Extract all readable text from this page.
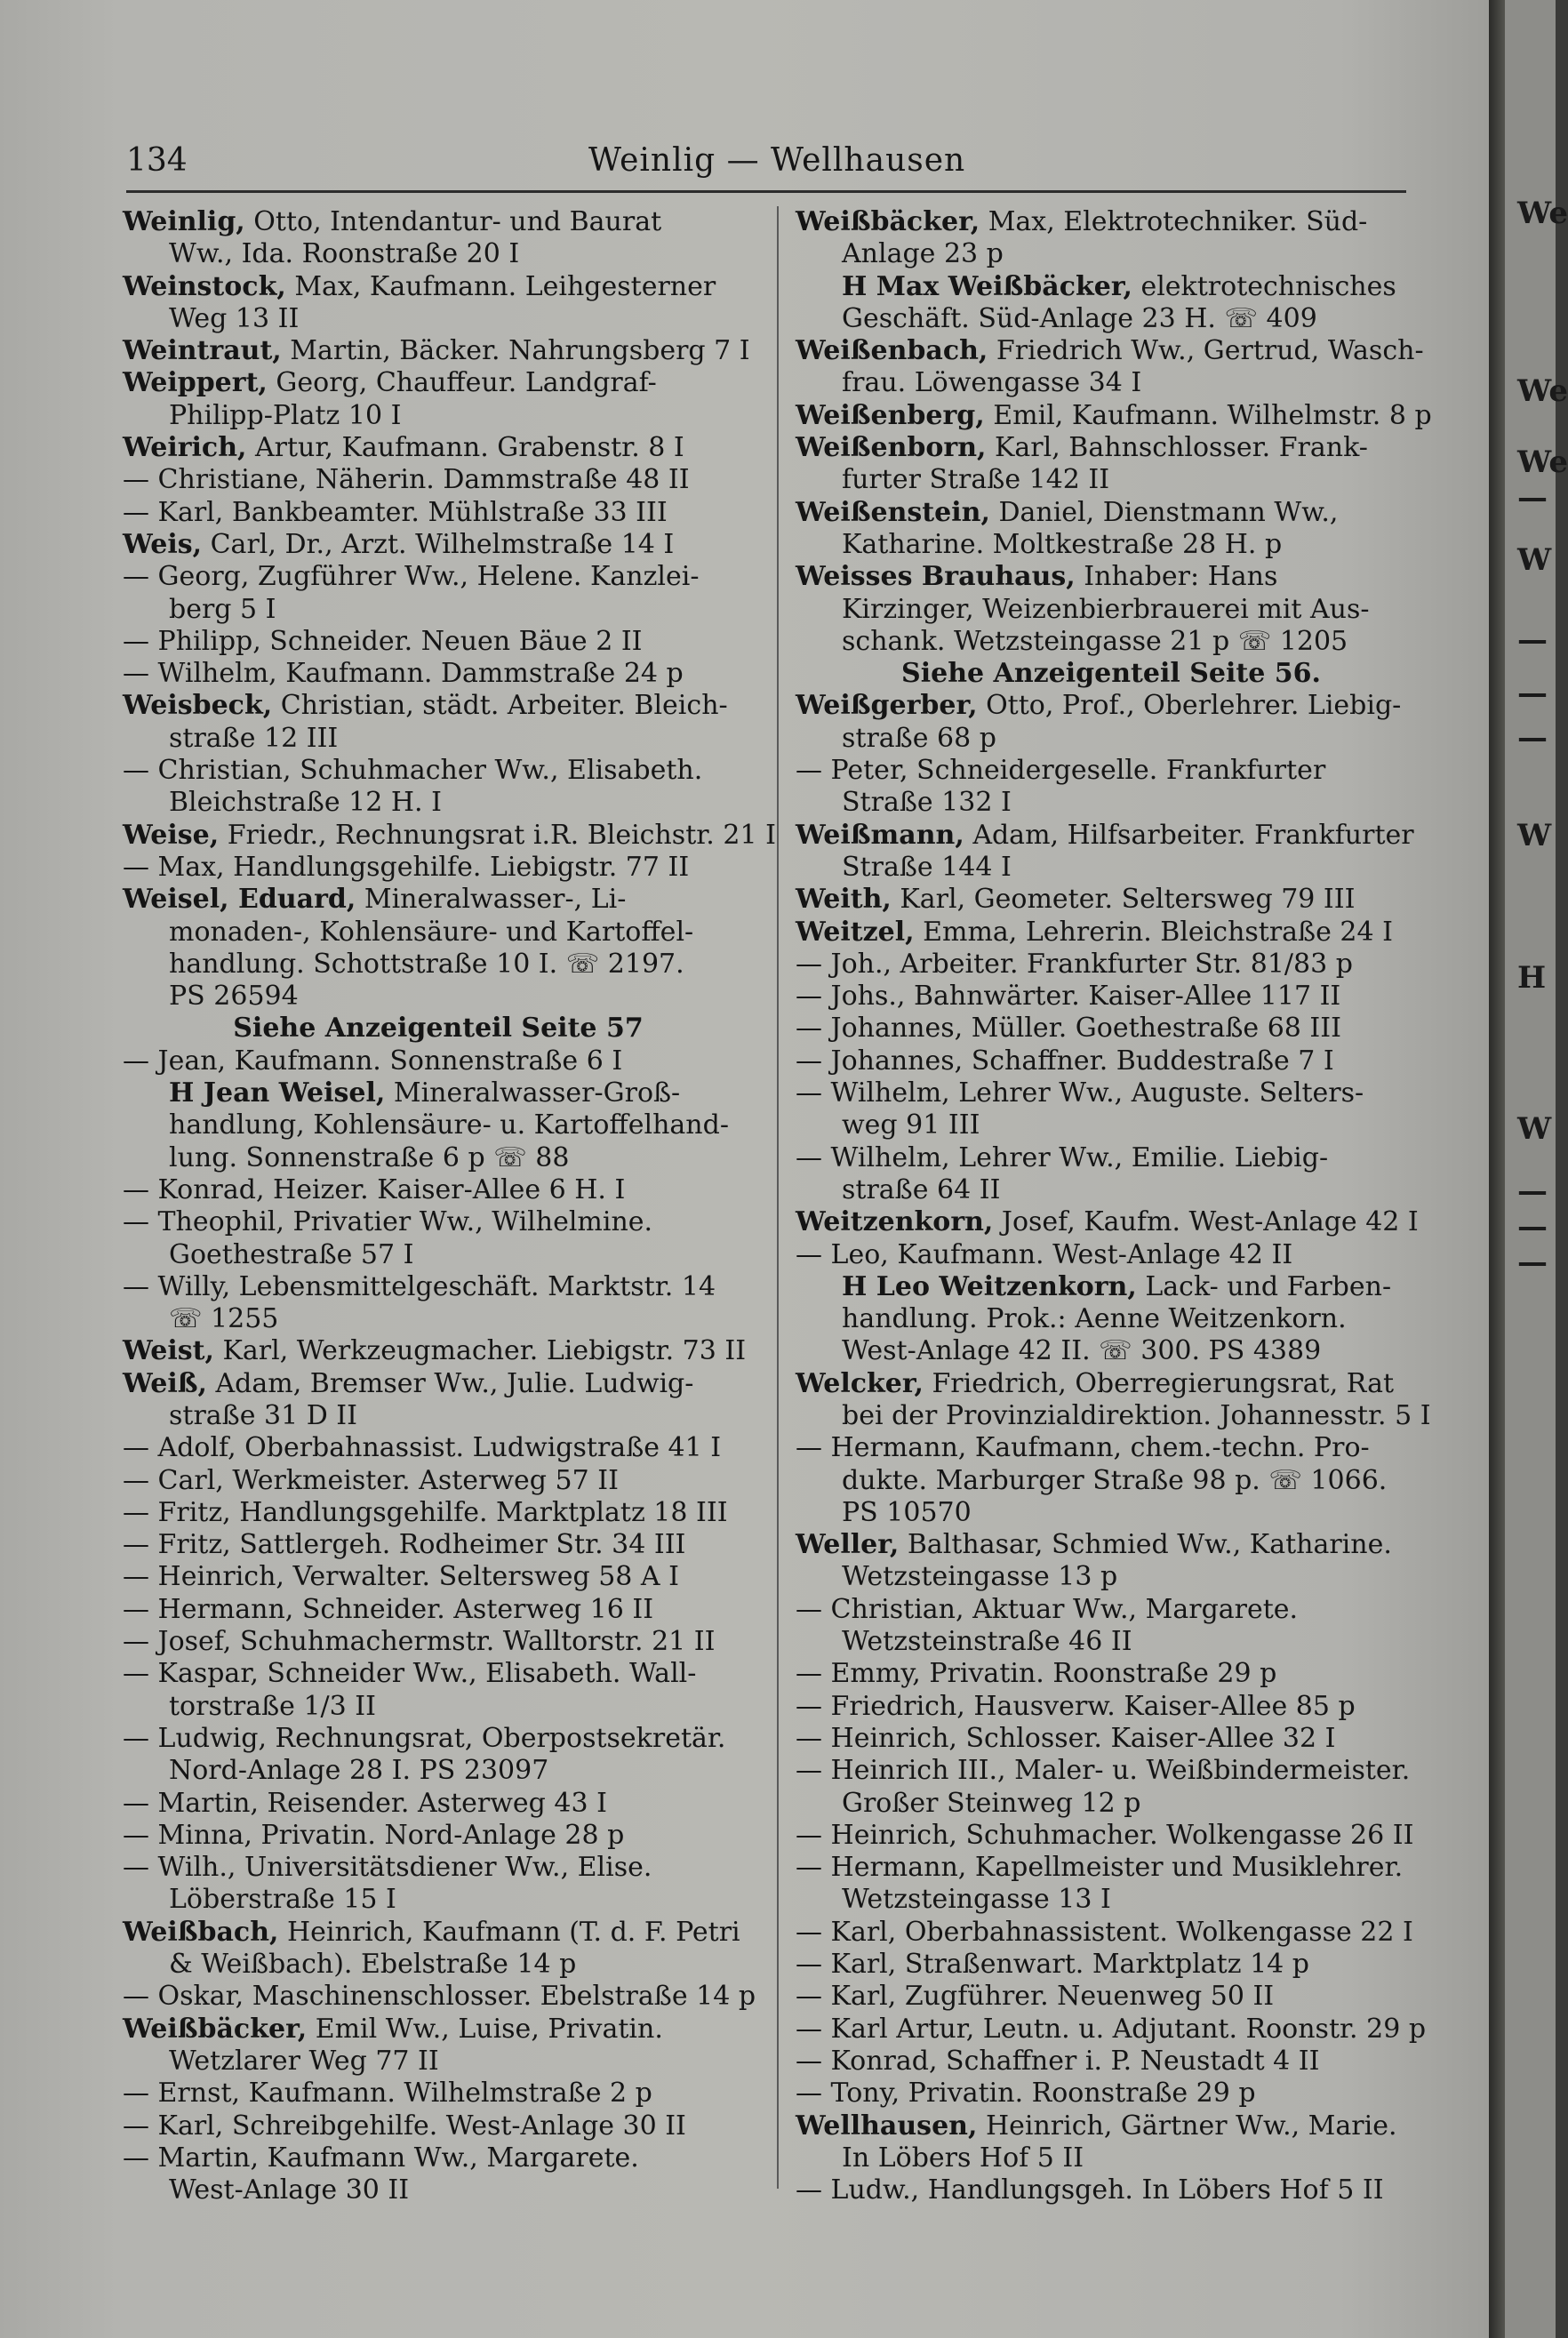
134	Weinlig — Wellhausen
Weinlig, Otto, Intendantur- und Baurat
Ww., Ida. Roonstraße 20 I
Weinstock, Max, Kaufmann. Leihgesterner
Weg 13 II
Weintraut, Martin, Bäcker. Nahrungsberg 7 I
Weippert, Georg, Chauffeur. Landgraf-
Philipp-Platz 10 I
Weirich, Artur, Kaufmann. Grabenstr. 8 I
— Christiane, Näherin. Dammstraße 48 II
— Karl, Bankbeamter. Mühlstraße 33 III
Weis, Carl, Dr., Arzt. Wilhelmstraße 14 I
— Georg, Zugführer Ww., Helene. Kanzlei-
berg 5 I
— Philipp, Schneider. Neuen Bäue 2 II
— Wilhelm, Kaufmann. Dammstraße 24 p
Weisbeck, Christian, städt. Arbeiter. Bleich-
straße 12 III
— Christian, Schuhmacher Ww., Elisabeth.
Bleichstraße 12 H. I
Weise, Friedr., Rechnungsrat i.R. Bleichstr. 21 I
— Max, Handlungsgehilfe. Liebigstr. 77 II
Weisel, Eduard, Mineralwasser-, Li-
monaden-, Kohlensäure- und Kartoffel-
handlung. Schottstraße 10 I. ☏ 2197.
PS 26594
Siehe Anzeigenteil Seite 57
— Jean, Kaufmann. Sonnenstraße 6 I
H Jean Weisel, Mineralwasser-Groß-
handlung, Kohlensäure- u. Kartoffelhand-
lung. Sonnenstraße 6 p ☏ 88
— Konrad, Heizer. Kaiser-Allee 6 H. I
— Theophil, Privatier Ww., Wilhelmine.
Goethestraße 57 I
— Willy, Lebensmittelgeschäft. Marktstr. 14
☏ 1255
Weist, Karl, Werkzeugmacher. Liebigstr. 73 II
Weiß, Adam, Bremser Ww., Julie. Ludwig-
straße 31 D II
— Adolf, Oberbahnassist. Ludwigstraße 41 I
— Carl, Werkmeister. Asterweg 57 II
— Fritz, Handlungsgehilfe. Marktplatz 18 III
— Fritz, Sattlergeh. Rodheimer Str. 34 III
— Heinrich, Verwalter. Seltersweg 58 A I
— Hermann, Schneider. Asterweg 16 II
— Josef, Schuhmachermstr. Walltorstr. 21 II
— Kaspar, Schneider Ww., Elisabeth. Wall-
torstraße 1/3 II
— Ludwig, Rechnungsrat, Oberpostsekretär.
Nord-Anlage 28 I. PS 23097
— Martin, Reisender. Asterweg 43 I
— Minna, Privatin. Nord-Anlage 28 p
— Wilh., Universitätsdiener Ww., Elise.
Löberstraße 15 I
Weißbach, Heinrich, Kaufmann (T. d. F. Petri
& Weißbach). Ebelstraße 14 p
— Oskar, Maschinenschlosser. Ebelstraße 14 p
Weißbäcker, Emil Ww., Luise, Privatin.
Wetzlarer Weg 77 II
— Ernst, Kaufmann. Wilhelmstraße 2 p
— Karl, Schreibgehilfe. West-Anlage 30 II
— Martin, Kaufmann Ww., Margarete.
West-Anlage 30 II
Weißbäcker, Max, Elektrotechniker. Süd-
Anlage 23 p
H Max Weißbäcker, elektrotechnisches
Geschäft. Süd-Anlage 23 H. ☏ 409
Weißenbach, Friedrich Ww., Gertrud, Wasch-
frau. Löwengasse 34 I
Weißenberg, Emil, Kaufmann. Wilhelmstr. 8 p
Weißenborn, Karl, Bahnschlosser. Frank-
furter Straße 142 II
Weißenstein, Daniel, Dienstmann Ww.,
Katharine. Moltkestraße 28 H. p
Weisses Brauhaus, Inhaber: Hans
Kirzinger, Weizenbierbrauerei mit Aus-
schank. Wetzsteingasse 21 p ☏ 1205
Siehe Anzeigenteil Seite 56.
Weißgerber, Otto, Prof., Oberlehrer. Liebig-
straße 68 p
— Peter, Schneidergeselle. Frankfurter
Straße 132 I
Weißmann, Adam, Hilfsarbeiter. Frankfurter
Straße 144 I
Weith, Karl, Geometer. Seltersweg 79 III
Weitzel, Emma, Lehrerin. Bleichstraße 24 I
— Joh., Arbeiter. Frankfurter Str. 81/83 p
— Johs., Bahnwärter. Kaiser-Allee 117 II
— Johannes, Müller. Goethestraße 68 III
— Johannes, Schaffner. Buddestraße 7 I
— Wilhelm, Lehrer Ww., Auguste. Selters-
weg 91 III
— Wilhelm, Lehrer Ww., Emilie. Liebig-
straße 64 II
Weitzenkorn, Josef, Kaufm. West-Anlage 42 I
— Leo, Kaufmann. West-Anlage 42 II
H Leo Weitzenkorn, Lack- und Farben-
handlung. Prok.: Aenne Weitzenkorn.
West-Anlage 42 II. ☏ 300. PS 4389
Welcker, Friedrich, Oberregierungsrat, Rat
bei der Provinzialdirektion. Johannesstr. 5 I
— Hermann, Kaufmann, chem.-techn. Pro-
dukte. Marburger Straße 98 p. ☏ 1066.
PS 10570
Weller, Balthasar, Schmied Ww., Katharine.
Wetzsteingasse 13 p
— Christian, Aktuar Ww., Margarete.
Wetzsteinstraße 46 II
— Emmy, Privatin. Roonstraße 29 p
— Friedrich, Hausverw. Kaiser-Allee 85 p
— Heinrich, Schlosser. Kaiser-Allee 32 I
— Heinrich III., Maler- u. Weißbindermeister.
Großer Steinweg 12 p
— Heinrich, Schuhmacher. Wolkengasse 26 II
— Hermann, Kapellmeister und Musiklehrer.
Wetzsteingasse 13 I
— Karl, Oberbahnassistent. Wolkengasse 22 I
— Karl, Straßenwart. Marktplatz 14 p
— Karl, Zugführer. Neuenweg 50 II
— Karl Artur, Leutn. u. Adjutant. Roonstr. 29 p
— Konrad, Schaffner i. P. Neustadt 4 II
— Tony, Privatin. Roonstraße 29 p
Wellhausen, Heinrich, Gärtner Ww., Marie.
In Löbers Hof 5 II
— Ludw., Handlungsgeh. In Löbers Hof 5 II
We
We
We
—
W
—
—
—
W
H
W
—
—
—
